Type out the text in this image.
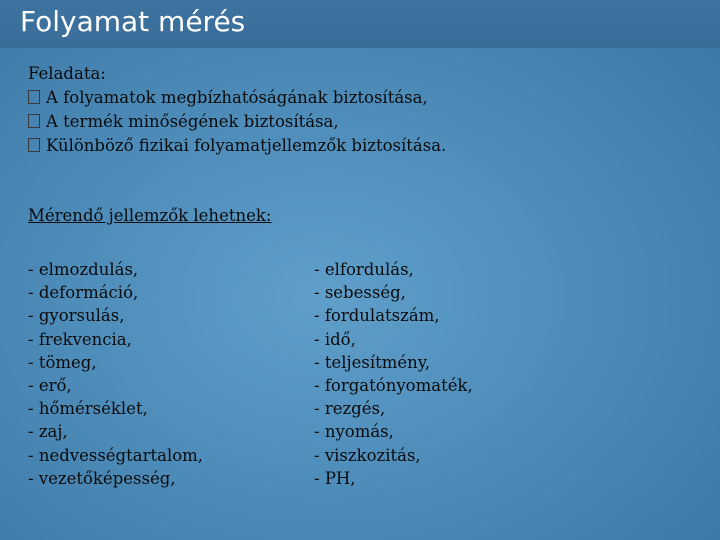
Folyamat mérés
Feladata:
A folyamatok megbízhatóságának biztosítása,
A termék minőségének biztosítása,
Különböző fizikai folyamatjellemzők biztosítása.
Mérendő jellemzők lehetnek:
- elmozdulás,
- deformáció,
- gyorsulás,
- frekvencia,
- tömeg,
- erő,
- hőmérséklet,
- zaj,
- nedvességtartalom,
- vezetőképesség,
- elfordulás,
- sebesség,
- fordulatszám,
- idő,
- teljesítmény,
- forgatónyomaték,
- rezgés,
- nyomás,
- viszkozitás,
- PH,
